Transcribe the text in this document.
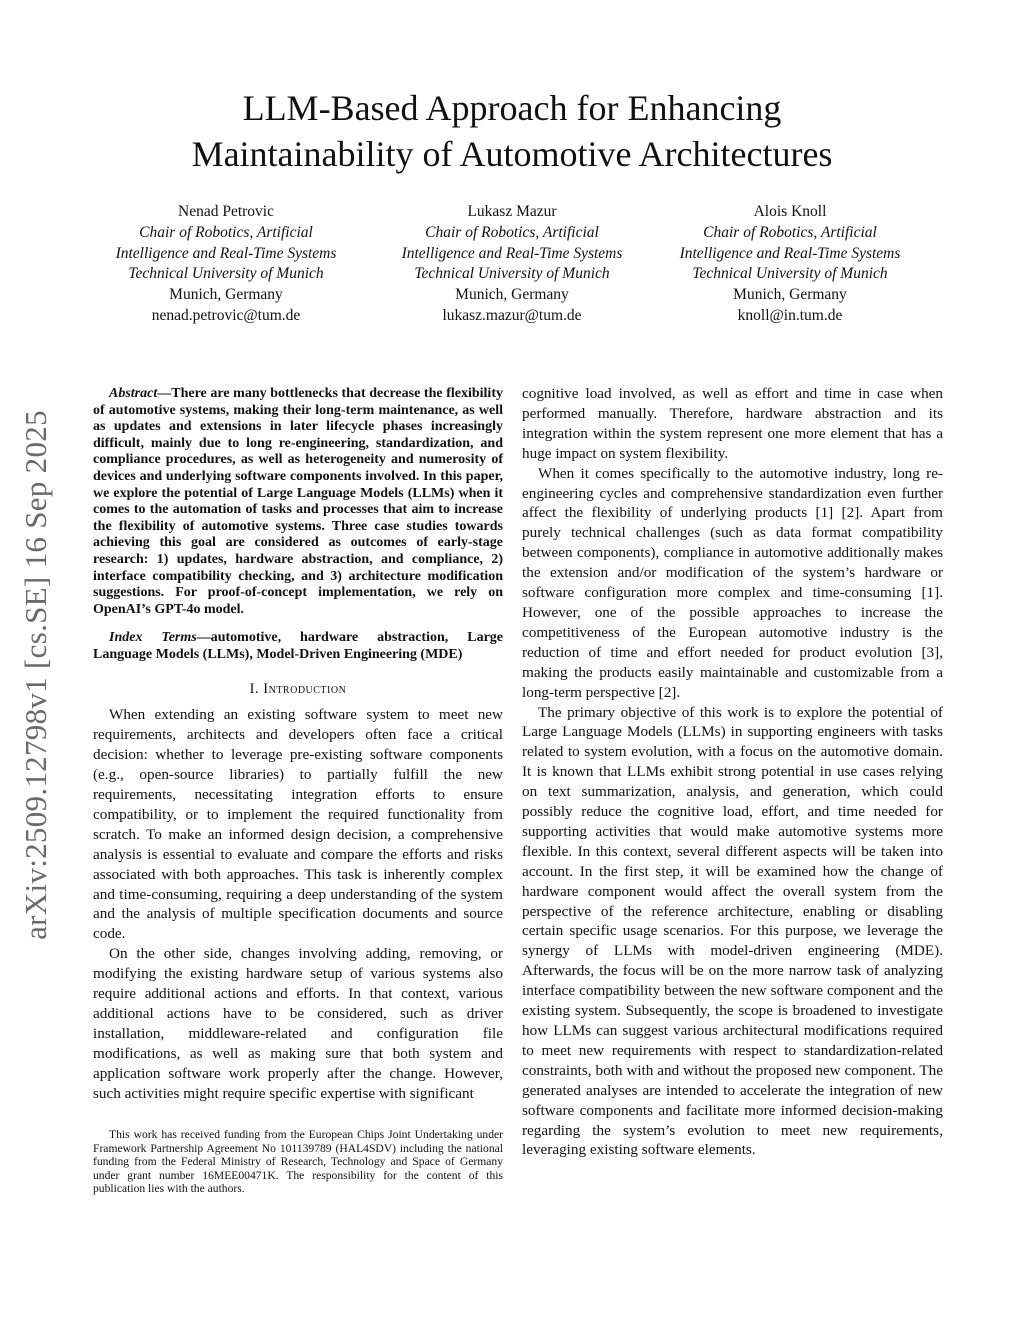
arXiv:2509.12798v1 [cs.SE] 16 Sep 2025
LLM-Based Approach for Enhancing
Maintainability of Automotive Architectures
Nenad Petrovic
Chair of Robotics, Artificial
Intelligence and Real-Time Systems
Technical University of Munich
Munich, Germany
nenad.petrovic@tum.de
Lukasz Mazur
Chair of Robotics, Artificial
Intelligence and Real-Time Systems
Technical University of Munich
Munich, Germany
lukasz.mazur@tum.de
Alois Knoll
Chair of Robotics, Artificial
Intelligence and Real-Time Systems
Technical University of Munich
Munich, Germany
knoll@in.tum.de

Abstract—There are many bottlenecks that decrease the flexibility of automotive systems, making their long-term maintenance, as well as updates and extensions in later lifecycle phases increasingly difficult, mainly due to long re-engineering, standardization, and compliance procedures, as well as heterogeneity and numerosity of devices and underlying software components involved. In this paper, we explore the potential of Large Language Models (LLMs) when it comes to the automation of tasks and processes that aim to increase the flexibility of automotive systems. Three case studies towards achieving this goal are considered as outcomes of early-stage research: 1) updates, hardware abstraction, and compliance, 2) interface compatibility checking, and 3) architecture modification suggestions. For proof-of-concept implementation, we rely on OpenAI’s GPT-4o model.

Index Terms—automotive, hardware abstraction, Large Language Models (LLMs), Model-Driven Engineering (MDE)

I. Introduction

When extending an existing software system to meet new requirements, architects and developers often face a critical decision: whether to leverage pre-existing software components (e.g., open-source libraries) to partially fulfill the new requirements, necessitating integration efforts to ensure compatibility, or to implement the required functionality from scratch. To make an informed design decision, a comprehensive analysis is essential to evaluate and compare the efforts and risks associated with both approaches. This task is inherently complex and time-consuming, requiring a deep understanding of the system and the analysis of multiple specification documents and source code.

On the other side, changes involving adding, removing, or modifying the existing hardware setup of various systems also require additional actions and efforts. In that context, various additional actions have to be considered, such as driver installation, middleware-related and configuration file modifications, as well as making sure that both system and application software work properly after the change. However, such activities might require specific expertise with significant

This work has received funding from the European Chips Joint Undertaking under Framework Partnership Agreement No 101139789 (HAL4SDV) including the national funding from the Federal Ministry of Research, Technology and Space of Germany under grant number 16MEE00471K. The responsibility for the content of this publication lies with the authors.

cognitive load involved, as well as effort and time in case when performed manually. Therefore, hardware abstraction and its integration within the system represent one more element that has a huge impact on system flexibility.

When it comes specifically to the automotive industry, long re-engineering cycles and comprehensive standardization even further affect the flexibility of underlying products [1] [2]. Apart from purely technical challenges (such as data format compatibility between components), compliance in automotive additionally makes the extension and/or modification of the system’s hardware or software configuration more complex and time-consuming [1]. However, one of the possible approaches to increase the competitiveness of the European automotive industry is the reduction of time and effort needed for product evolution [3], making the products easily maintainable and customizable from a long-term perspective [2].

The primary objective of this work is to explore the potential of Large Language Models (LLMs) in supporting engineers with tasks related to system evolution, with a focus on the automotive domain. It is known that LLMs exhibit strong potential in use cases relying on text summarization, analysis, and generation, which could possibly reduce the cognitive load, effort, and time needed for supporting activities that would make automotive systems more flexible. In this context, several different aspects will be taken into account. In the first step, it will be examined how the change of hardware component would affect the overall system from the perspective of the reference architecture, enabling or disabling certain specific usage scenarios. For this purpose, we leverage the synergy of LLMs with model-driven engineering (MDE). Afterwards, the focus will be on the more narrow task of analyzing interface compatibility between the new software component and the existing system. Subsequently, the scope is broadened to investigate how LLMs can suggest various architectural modifications required to meet new requirements with respect to standardization-related constraints, both with and without the proposed new component. The generated analyses are intended to accelerate the integration of new software components and facilitate more informed decision-making regarding the system’s evolution to meet new requirements, leveraging existing software elements.
